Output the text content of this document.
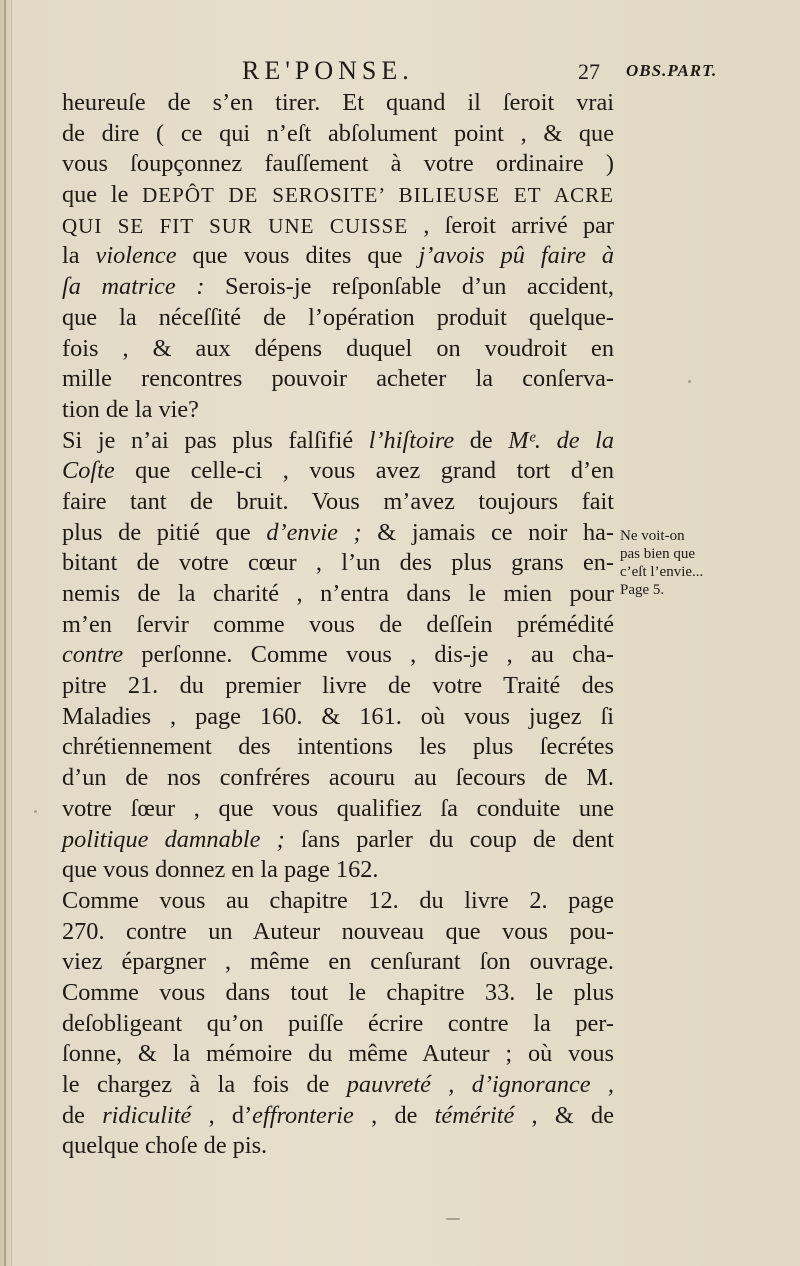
RE'PONSE.	27 OBS.PART.
heureuſe de s’en tirer. Et quand il ſeroit vrai
de dire ( ce qui n’eſt abſolument point , & que
vous ſoupçonnez fauſſement à votre ordinaire )
que le DEPÔT DE SEROSITE’ BILIEUSE ET ACRE
QUI SE FIT SUR UNE CUISSE , ſeroit arrivé par
la violence que vous dites que j’avois pû faire à
ſa matrice : Serois-je reſponſable d’un accident,
que la néceſſité de l’opération produit quelque-
fois , & aux dépens duquel on voudroit en
mille rencontres pouvoir acheter la conſerva-
tion de la vie?
Si je n’ai pas plus falſifié l’hiſtoire de Mᵉ. de la
Coſte que celle-ci , vous avez grand tort d’en
faire tant de bruit. Vous m’avez toujours fait
plus de pitié que d’envie ; & jamais ce noir ha-
bitant de votre cœur , l’un des plus grans en-
nemis de la charité , n’entra dans le mien pour
m’en ſervir comme vous de deſſein prémédité
contre perſonne. Comme vous , dis-je , au cha-
pitre 21. du premier livre de votre Traité des
Maladies , page 160. & 161. où vous jugez ſi
chrétiennement des intentions les plus ſecrétes
d’un de nos confréres acouru au ſecours de M.
votre ſœur , que vous qualifiez ſa conduite une
politique damnable ; ſans parler du coup de dent
que vous donnez en la page 162.
Comme vous au chapitre 12. du livre 2. page
270. contre un Auteur nouveau que vous pou-
viez épargner , même en cenſurant ſon ouvrage.
Comme vous dans tout le chapitre 33. le plus
deſobligeant qu’on puiſſe écrire contre la per-
ſonne, & la mémoire du même Auteur ; où vous
le chargez à la fois de pauvreté , d’ignorance ,
de ridiculité , d’effronterie , de témérité , & de
quelque choſe de pis.
Ne voit-on
pas bien que
c’eſt l’envie...
Page 5.
